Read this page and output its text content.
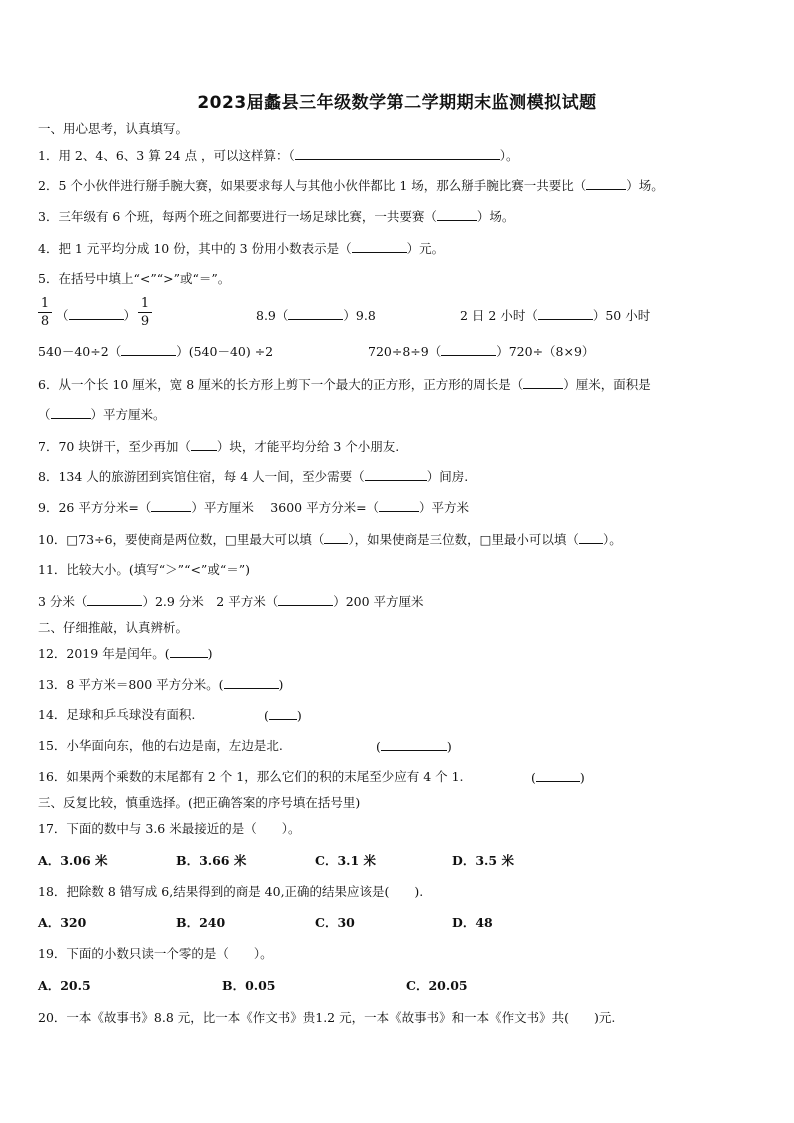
2023届蠡县三年级数学第二学期期末监测模拟试题
一、用心思考，认真填写。
1．用 2、4、6、3 算 24 点 ，可以这样算：（	）。
2．5 个小伙伴进行掰手腕大赛，如果要求每人与其他小伙伴都比 1 场，那么掰手腕比赛一共要比（	）场。
3．三年级有 6 个班，每两个班之间都要进行一场足球比赛，一共要赛（	）场。
4．把 1 元平均分成 10 份，其中的 3 份用小数表示是（	）元。
5．在括号中填上“<”“>”或“＝”。
$\frac{1}{8}$ （	） $\frac{1}{9}$	8.9（	）9.8	2 日 2 小时（	）50 小时
540－40÷2（	）(540－40) ÷2	720÷8÷9（	）720÷（8×9）
6．从一个长 10 厘米，宽 8 厘米的长方形上剪下一个最大的正方形，正方形的周长是（	）厘米，面积是
（	）平方厘米。
7．70 块饼干，至少再加（ ）块，才能平均分给 3 个小朋友.
8．134 人的旅游团到宾馆住宿，每 4 人一间，至少需要（	）间房.
9．26 平方分米=（	）平方厘米　 3600 平方分米=（	）平方米
10．□73÷6，要使商是两位数，□里最大可以填（ ），如果使商是三位数，□里最小可以填（ ）。
11．比较大小。(填写“＞”“<”或“＝”)
3 分米（	）2.9 分米　2 平方米（	）200 平方厘米
二、仔细推敲，认真辨析。
12．2019 年是闰年。(	)
13．8 平方米＝800 平方分米。(	)
14．足球和乒乓球没有面积.	( )
15．小华面向东，他的右边是南，左边是北.	(	)
16．如果两个乘数的末尾都有 2 个 1，那么它们的积的末尾至少应有 4 个 1.	(	)
三、反复比较，慎重选择。(把正确答案的序号填在括号里)
17．下面的数中与 3.6 米最接近的是（　　）。
A．3.06 米	B．3.66 米	C．3.1 米	D．3.5 米
18．把除数 8 错写成 6,结果得到的商是 40,正确的结果应该是(　　).
A．320	B．240	C．30	D．48
19．下面的小数只读一个零的是（　　）。
A．20.5	B．0.05	C．20.05
20．一本《故事书》8.8 元，比一本《作文书》贵1.2 元，一本《故事书》和一本《作文书》共(　　)元.
